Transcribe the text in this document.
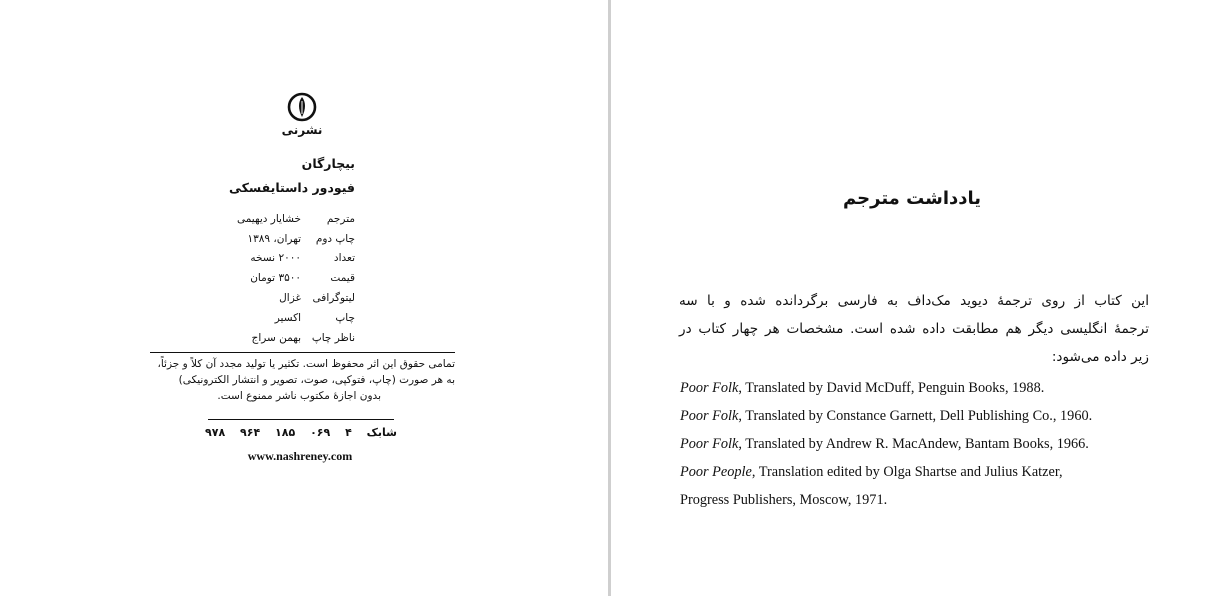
نشرنی
بیچارگان
فیودور داستایفسکی
مترجم
خشایار دیهیمی
چاپ دوم
تهران، ۱۳۸۹
تعداد
۲۰۰۰ نسخه
قیمت
۳۵۰۰ تومان
لیتوگرافی
غزال
چاپ
اکسیر
ناظر چاپ
بهمن سراج
تمامی حقوق این اثر محفوظ است. تکثیر یا تولید مجدد آن کلاً و جزئاً،
به هر صورت (چاپ، فتوکپی، صوت، تصویر و انتشار الکترونیکی)
بدون اجازهٔ مکتوب ناشر ممنوع است.
شابک
۴
۰۶۹
۱۸۵
۹۶۴
۹۷۸
www.nashreney.com
یادداشت مترجم
این کتاب از روی ترجمهٔ دیوید مک‌داف به فارسی برگردانده شده و با سه
ترجمهٔ انگلیسی دیگر هم مطابقت داده شده است. مشخصات هر چهار کتاب در
زیر داده می‌شود:
Poor Folk, Translated by David McDuff, Penguin Books, 1988.
Poor Folk, Translated by Constance Garnett, Dell Publishing Co., 1960.
Poor Folk, Translated by Andrew R. MacAndew, Bantam Books, 1966.
Poor People, Translation edited by Olga Shartse and Julius Katzer,
Progress Publishers, Moscow, 1971.
